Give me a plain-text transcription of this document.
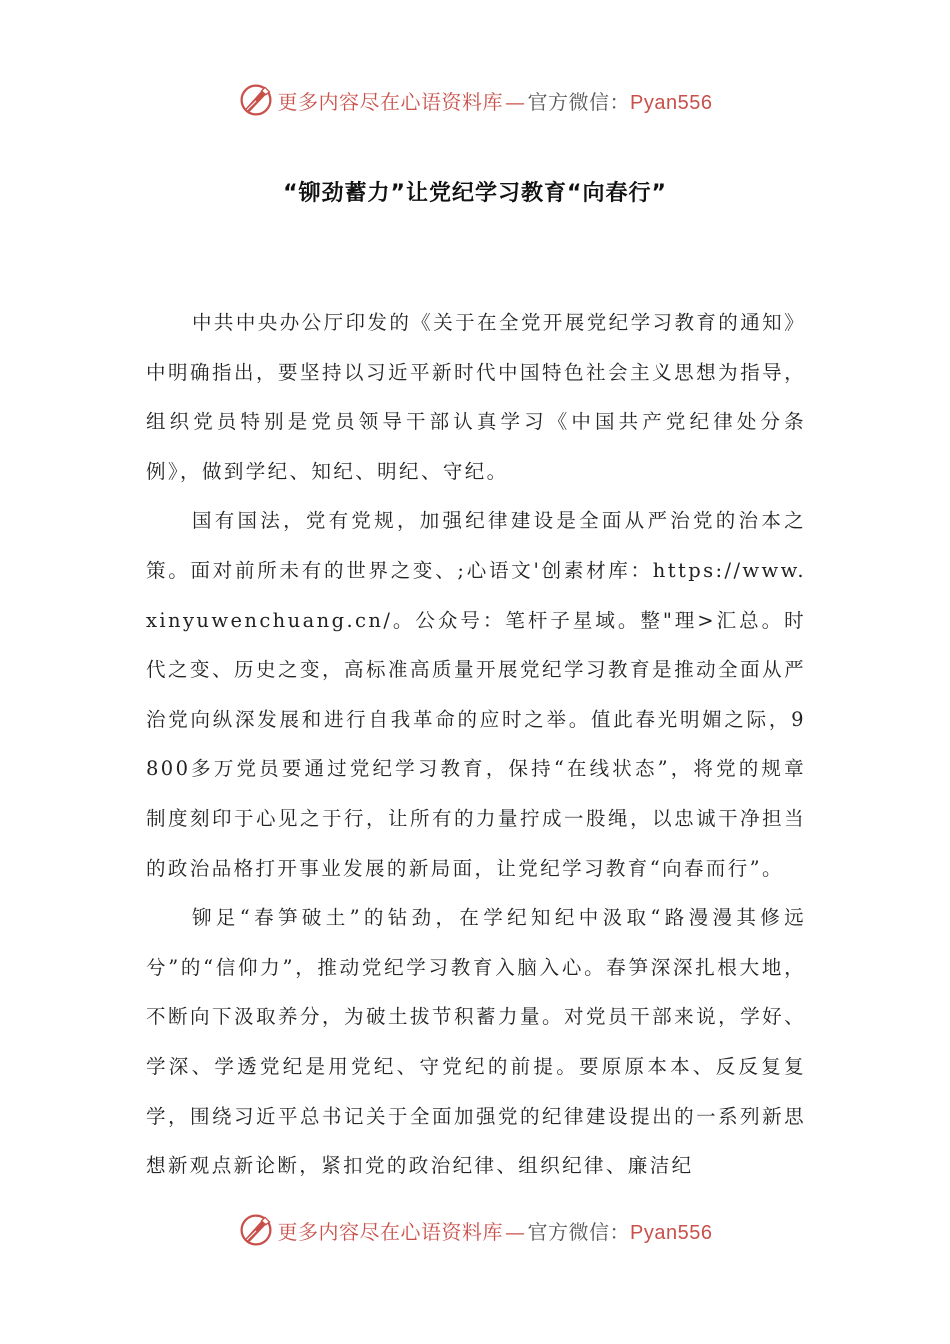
更多内容尽在心语资料库 — 官方微信：Pyan556
“铆劲蓄力”让党纪学习教育“向春行”

中共中央办公厅印发的《关于在全党开展党纪学习教育的通知》中明确指出，要坚持以习近平新时代中国特色社会主义思想为指导，组织党员特别是党员领导干部认真学习《中国共产党纪律处分条例》，做到学纪、知纪、明纪、守纪。

国有国法，党有党规，加强纪律建设是全面从严治党的治本之策。面对前所未有的世界之变、;心语文'创素材库：https://www.xinyuwenchuang.cn/。公众号：笔杆子星域。整"理>汇总。时代之变、历史之变，高标准高质量开展党纪学习教育是推动全面从严治党向纵深发展和进行自我革命的应时之举。值此春光明媚之际，9800多万党员要通过党纪学习教育，保持“在线状态”，将党的规章制度刻印于心见之于行，让所有的力量拧成一股绳，以忠诚干净担当的政治品格打开事业发展的新局面，让党纪学习教育“向春而行”。

铆足“春笋破土”的钻劲，在学纪知纪中汲取“路漫漫其修远兮”的“信仰力”，推动党纪学习教育入脑入心。春笋深深扎根大地，不断向下汲取养分，为破土拔节积蓄力量。对党员干部来说，学好、学深、学透党纪是用党纪、守党纪的前提。要原原本本、反反复复学，围绕习近平总书记关于全面加强党的纪律建设提出的一系列新思想新观点新论断，紧扣党的政治纪律、组织纪律、廉洁纪

更多内容尽在心语资料库 — 官方微信：Pyan556
